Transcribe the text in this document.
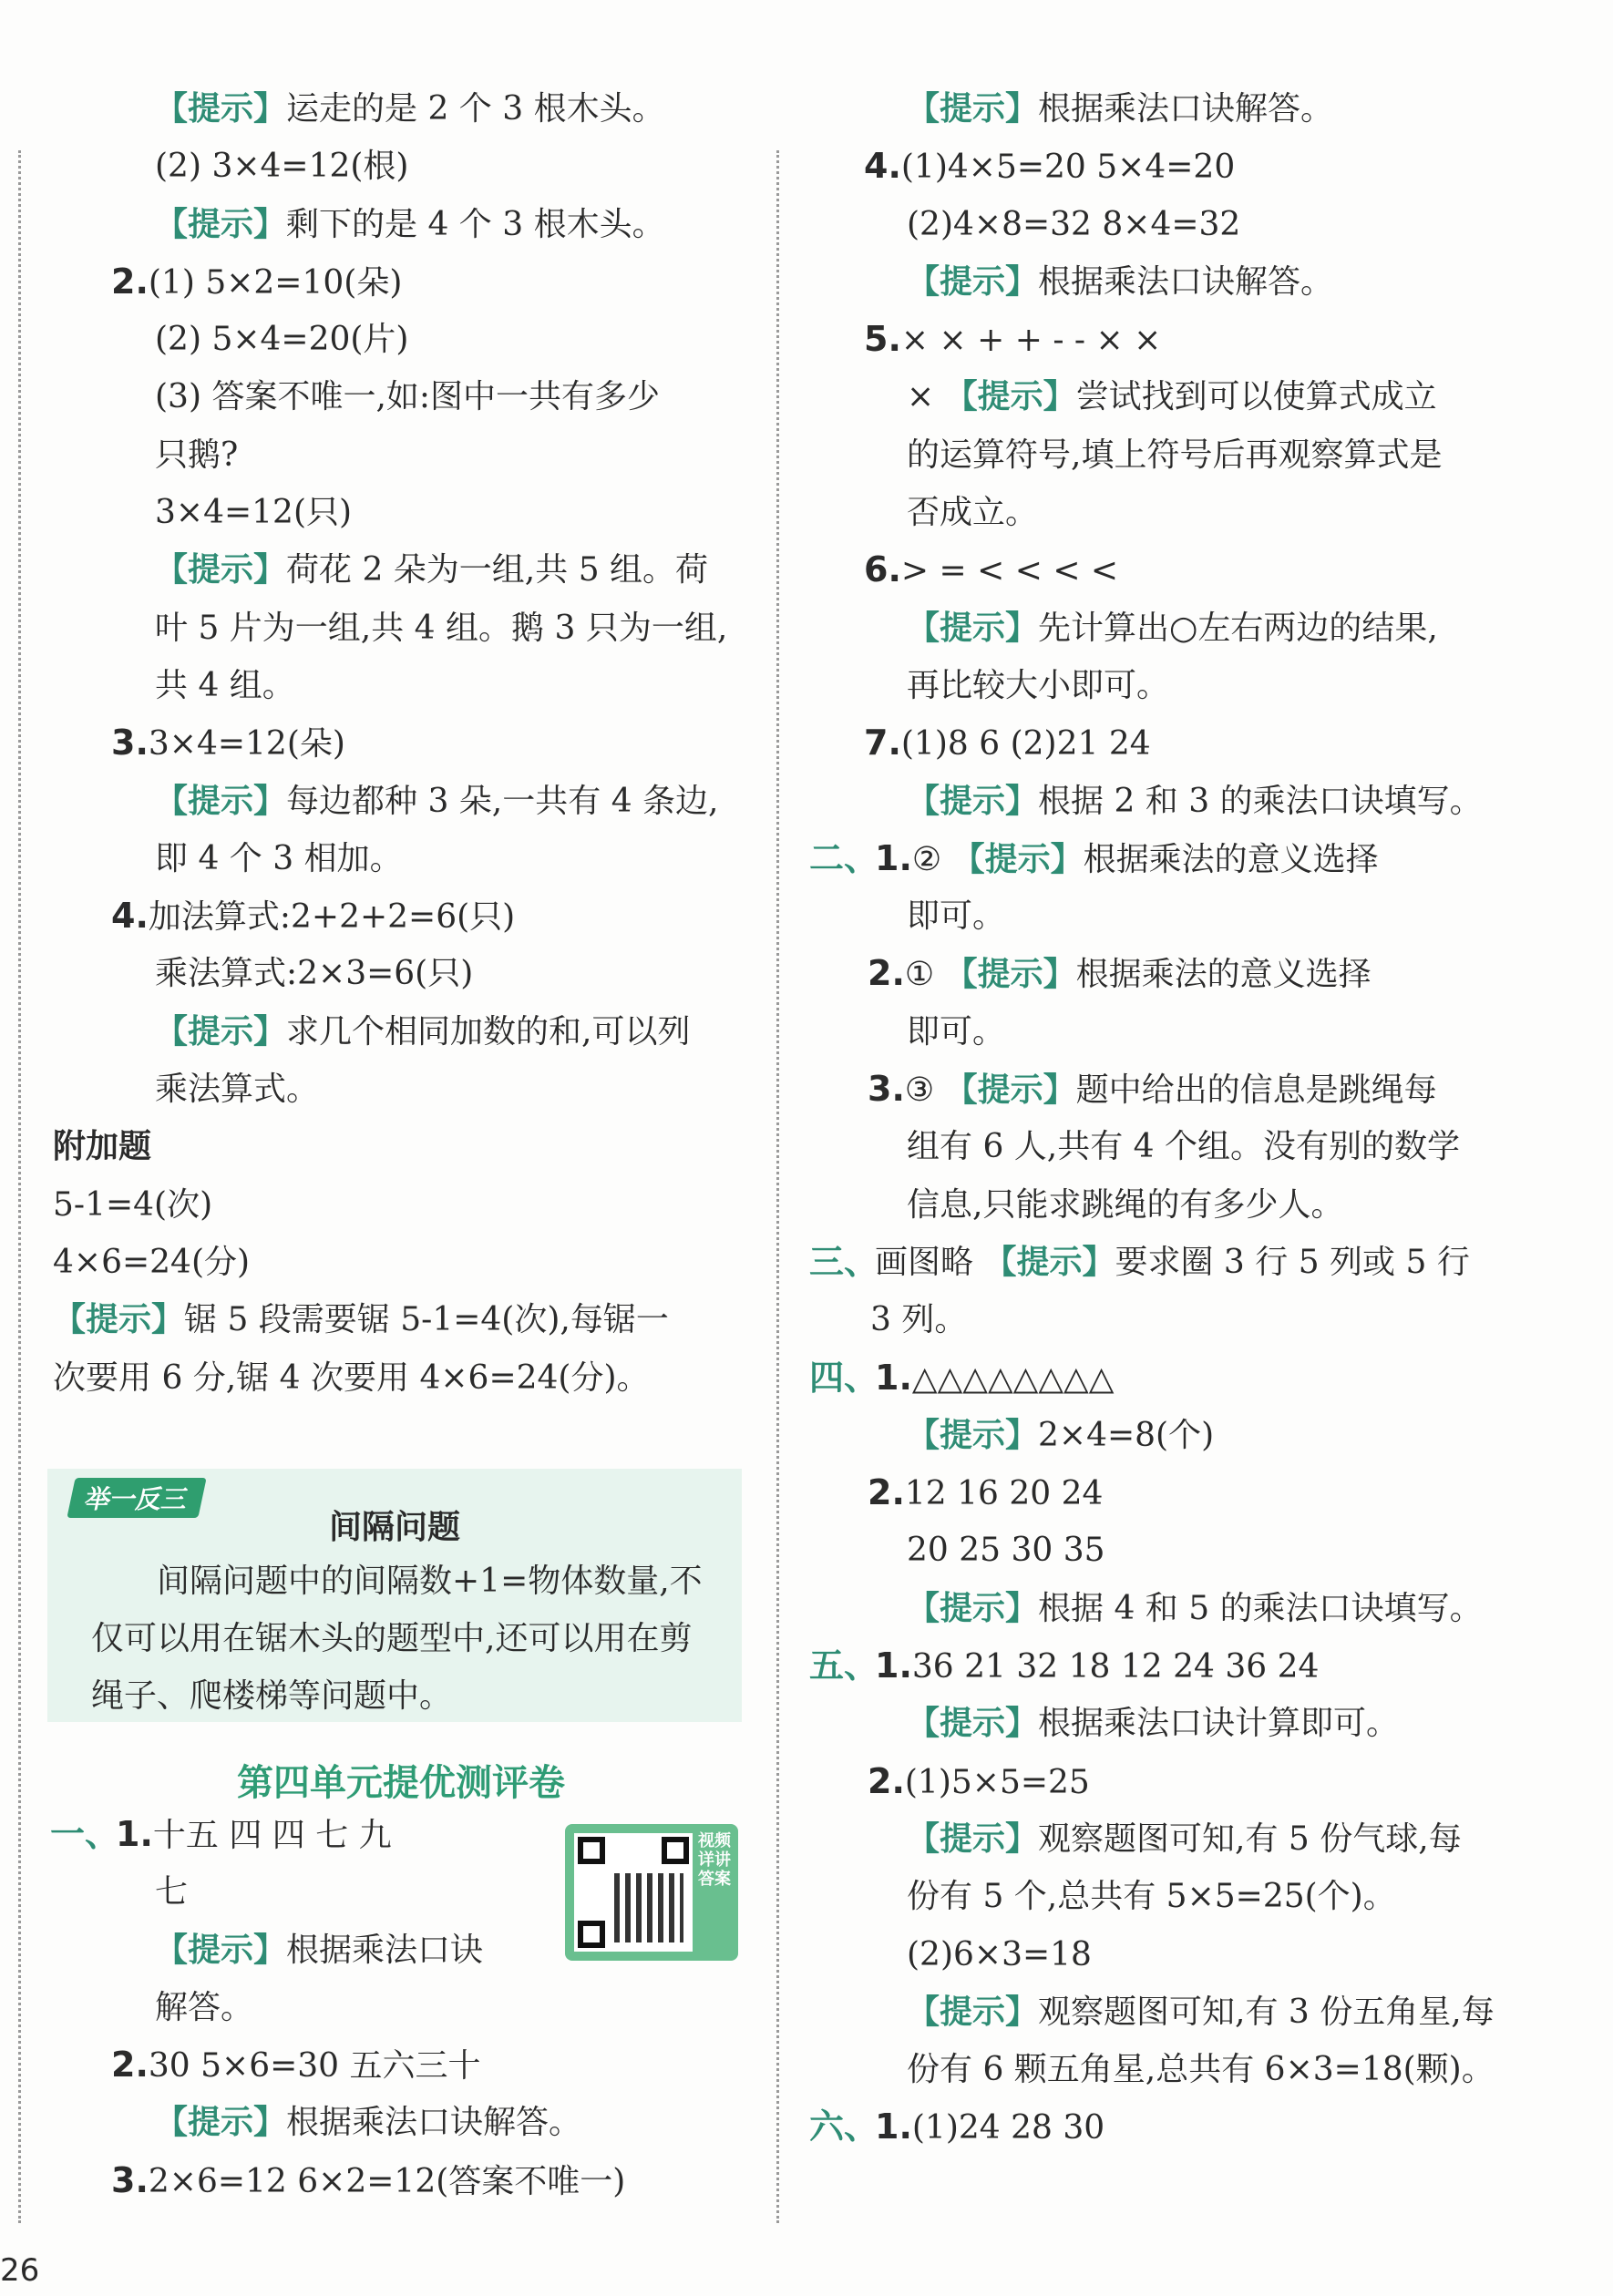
【提示】运走的是 2 个 3 根木头。
(2) 3×4=12(根)
【提示】剩下的是 4 个 3 根木头。
2.(1) 5×2=10(朵)
(2) 5×4=20(片)
(3) 答案不唯一,如:图中一共有多少
只鹅?
3×4=12(只)
【提示】荷花 2 朵为一组,共 5 组。荷
叶 5 片为一组,共 4 组。鹅 3 只为一组,
共 4 组。
3.3×4=12(朵)
【提示】每边都种 3 朵,一共有 4 条边,
即 4 个 3 相加。
4.加法算式:2+2+2=6(只)
乘法算式:2×3=6(只)
【提示】求几个相同加数的和,可以列
乘法算式。
附加题
5-1=4(次)
4×6=24(分)
【提示】锯 5 段需要锯 5-1=4(次),每锯一
次要用 6 分,锯 4 次要用 4×6=24(分)。
举一反三
间隔问题
间隔问题中的间隔数+1=物体数量,不仅可以用在锯木头的题型中,还可以用在剪绳子、爬楼梯等问题中。
第四单元提优测评卷
一、
1.十五 四 四 七 九
七
【提示】根据乘法口诀
解答。
2.30 5×6=30 五六三十
【提示】根据乘法口诀解答。
3.2×6=12 6×2=12(答案不唯一)
视频详讲答案
【提示】根据乘法口诀解答。
4.(1)4×5=20 5×4=20
(2)4×8=32 8×4=32
【提示】根据乘法口诀解答。
5.× × + + - - × ×
× 【提示】尝试找到可以使算式成立
的运算符号,填上符号后再观察算式是
否成立。
6.> = < < < <
【提示】先计算出○左右两边的结果,
再比较大小即可。
7.(1)8 6 (2)21 24
【提示】根据 2 和 3 的乘法口诀填写。
二、
1.② 【提示】根据乘法的意义选择
即可。
2.① 【提示】根据乘法的意义选择
即可。
3.③ 【提示】题中给出的信息是跳绳每
组有 6 人,共有 4 个组。没有别的数学
信息,只能求跳绳的有多少人。
三、
画图略 【提示】要求圈 3 行 5 列或 5 行
3 列。
四、
1.△△△△△△△△
【提示】2×4=8(个)
2.12 16 20 24
20 25 30 35
【提示】根据 4 和 5 的乘法口诀填写。
五、
1.36 21 32 18 12 24 36 24
【提示】根据乘法口诀计算即可。
2.(1)5×5=25
【提示】观察题图可知,有 5 份气球,每
份有 5 个,总共有 5×5=25(个)。
(2)6×3=18
【提示】观察题图可知,有 3 份五角星,每
份有 6 颗五角星,总共有 6×3=18(颗)。
六、
1.(1)24 28 30
26
